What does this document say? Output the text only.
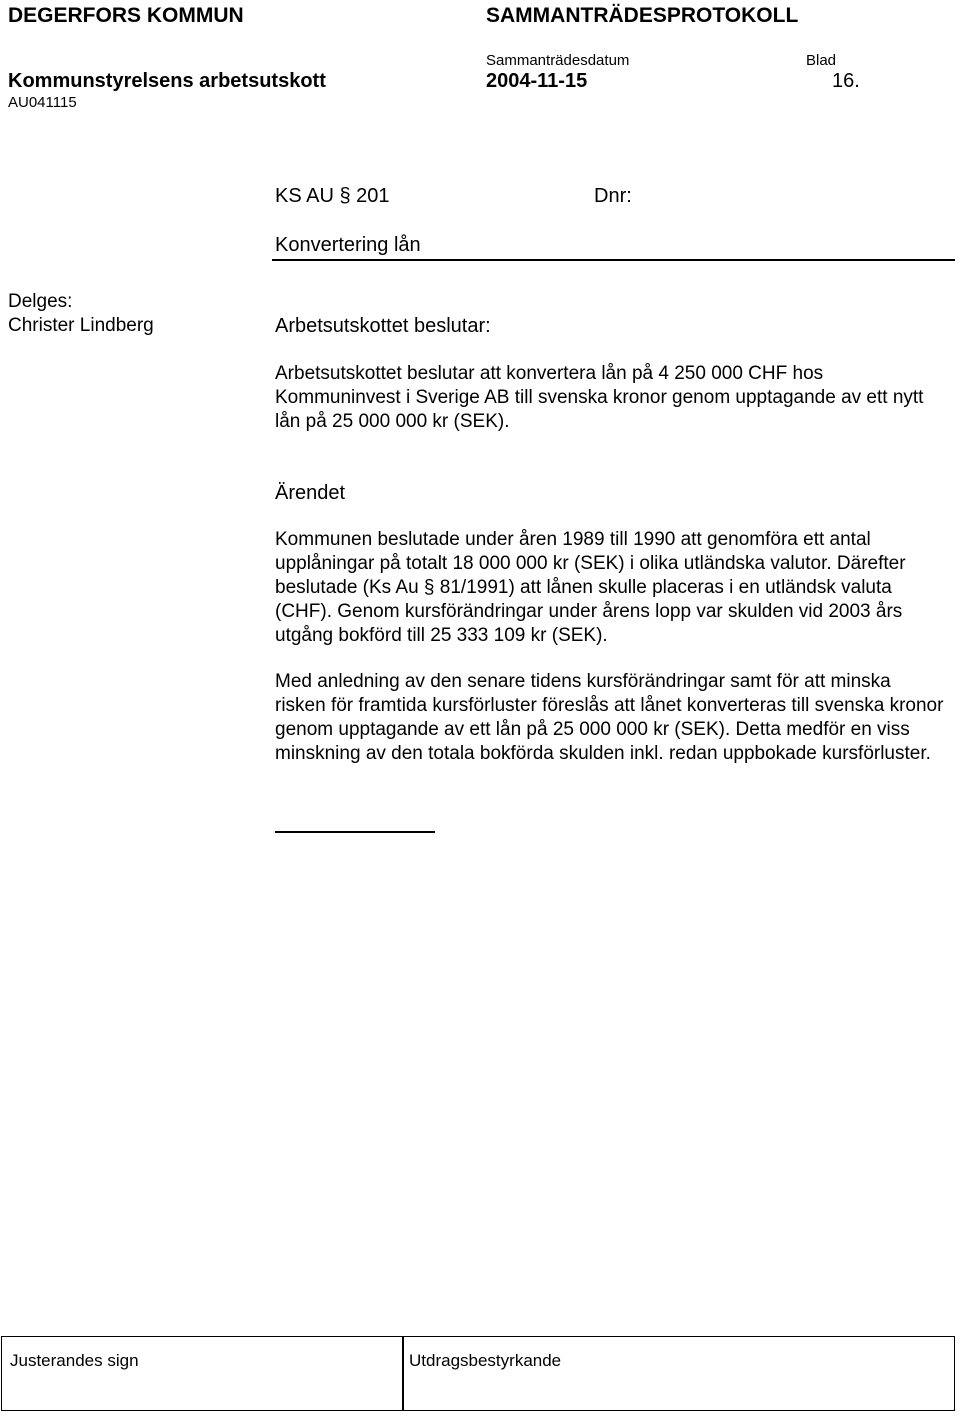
DEGERFORS KOMMUN	SAMMANTRÄDESPROTOKOLL
Sammanträdesdatum	Blad
Kommunstyrelsens arbetsutskott	2004-11-15	16.
AU041115
KS AU § 201	Dnr:
Konvertering lån
Delges:
Christer Lindberg	Arbetsutskottet beslutar:
Arbetsutskottet beslutar att konvertera lån på 4 250 000 CHF hos Kommuninvest i Sverige AB till svenska kronor genom upptagande av ett nytt lån på 25 000 000 kr (SEK).
Ärendet
Kommunen beslutade under åren 1989 till 1990 att genomföra ett antal upplåningar på totalt 18 000 000 kr (SEK) i olika utländska valutor. Därefter beslutade (Ks Au § 81/1991) att lånen skulle placeras i en utländsk valuta (CHF). Genom kursförändringar under årens lopp var skulden vid 2003 års utgång bokförd till 25 333 109 kr (SEK).
Med anledning av den senare tidens kursförändringar samt för att minska risken för framtida kursförluster föreslås att lånet konverteras till svenska kronor genom upptagande av ett lån på 25 000 000 kr (SEK). Detta medför en viss minskning av den totala bokförda skulden inkl. redan uppbokade kursförluster.
Justerandes sign	Utdragsbestyrkande
